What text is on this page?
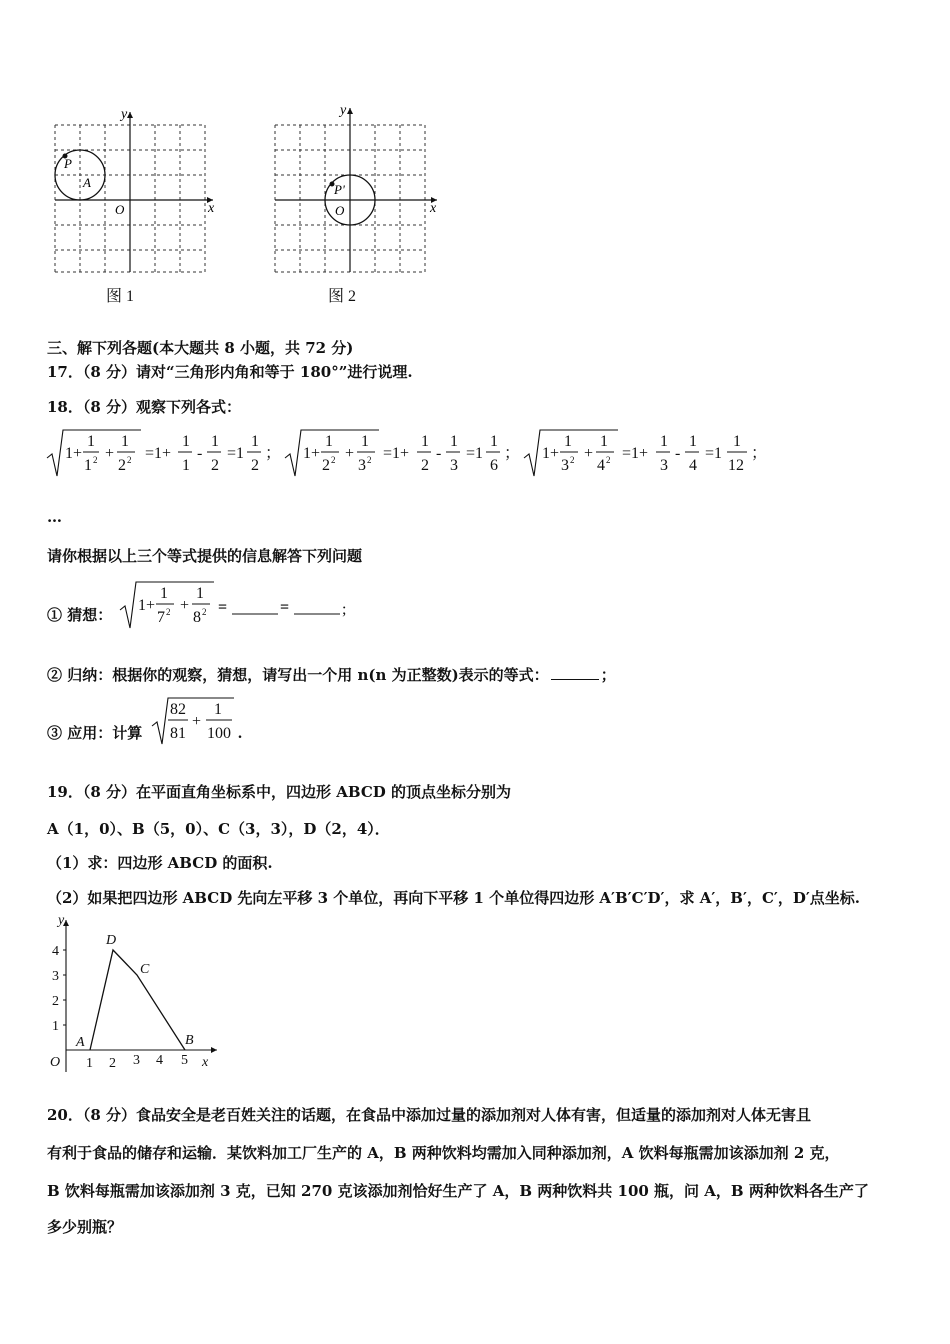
y
x
O
P
A
图 1
y
x
O
P'
图 2
三、解下列各题(本大题共 8 小题，共 72 分)
17．（8 分）请对“三角形内角和等于 180°”进行说理.
18．（8 分）观察下列各式：
1+
1
1 2 +
1
2 2 =1+
1
1
-
1
2
=1
1
2
； 1+
1
2 2 +
1
3 2 =1+
1
2
-
1
3
=1
1
6
； 1+
1
3 2 +
1
4 2 =1+
1
3
-
1
4
=1
1
12
；
…
请你根据以上三个等式提供的信息解答下列问题
① 猜想：
1+
1
7 2 +
1
8 2 =	=	;
② 归纳：根据你的观察，猜想，请写出一个用 n(n 为正整数)表示的等式：	；
③ 应用：计算
82
81
+
1
100 .
19．（8 分）在平面直角坐标系中，四边形 ABCD 的顶点坐标分别为
A（1，0）、B（5，0）、C（3，3），D（2，4）．
（1）求：四边形 ABCD 的面积.
（2）如果把四边形 ABCD 先向左平移 3 个单位，再向下平移 1 个单位得四边形 A′B′C′D′，求 A′，B′，C′，D′点坐标.
y
x
O
4
3
2
1
1 2 3 4 5
A	B
C
D
20．（8 分）食品安全是老百姓关注的话题，在食品中添加过量的添加剂对人体有害，但适量的添加剂对人体无害且
有利于食品的储存和运输．某饮料加工厂生产的 A，B 两种饮料均需加入同种添加剂，A 饮料每瓶需加该添加剂 2 克，
B 饮料每瓶需加该添加剂 3 克，已知 270 克该添加剂恰好生产了 A，B 两种饮料共 100 瓶，问 A，B 两种饮料各生产了
多少别瓶？
